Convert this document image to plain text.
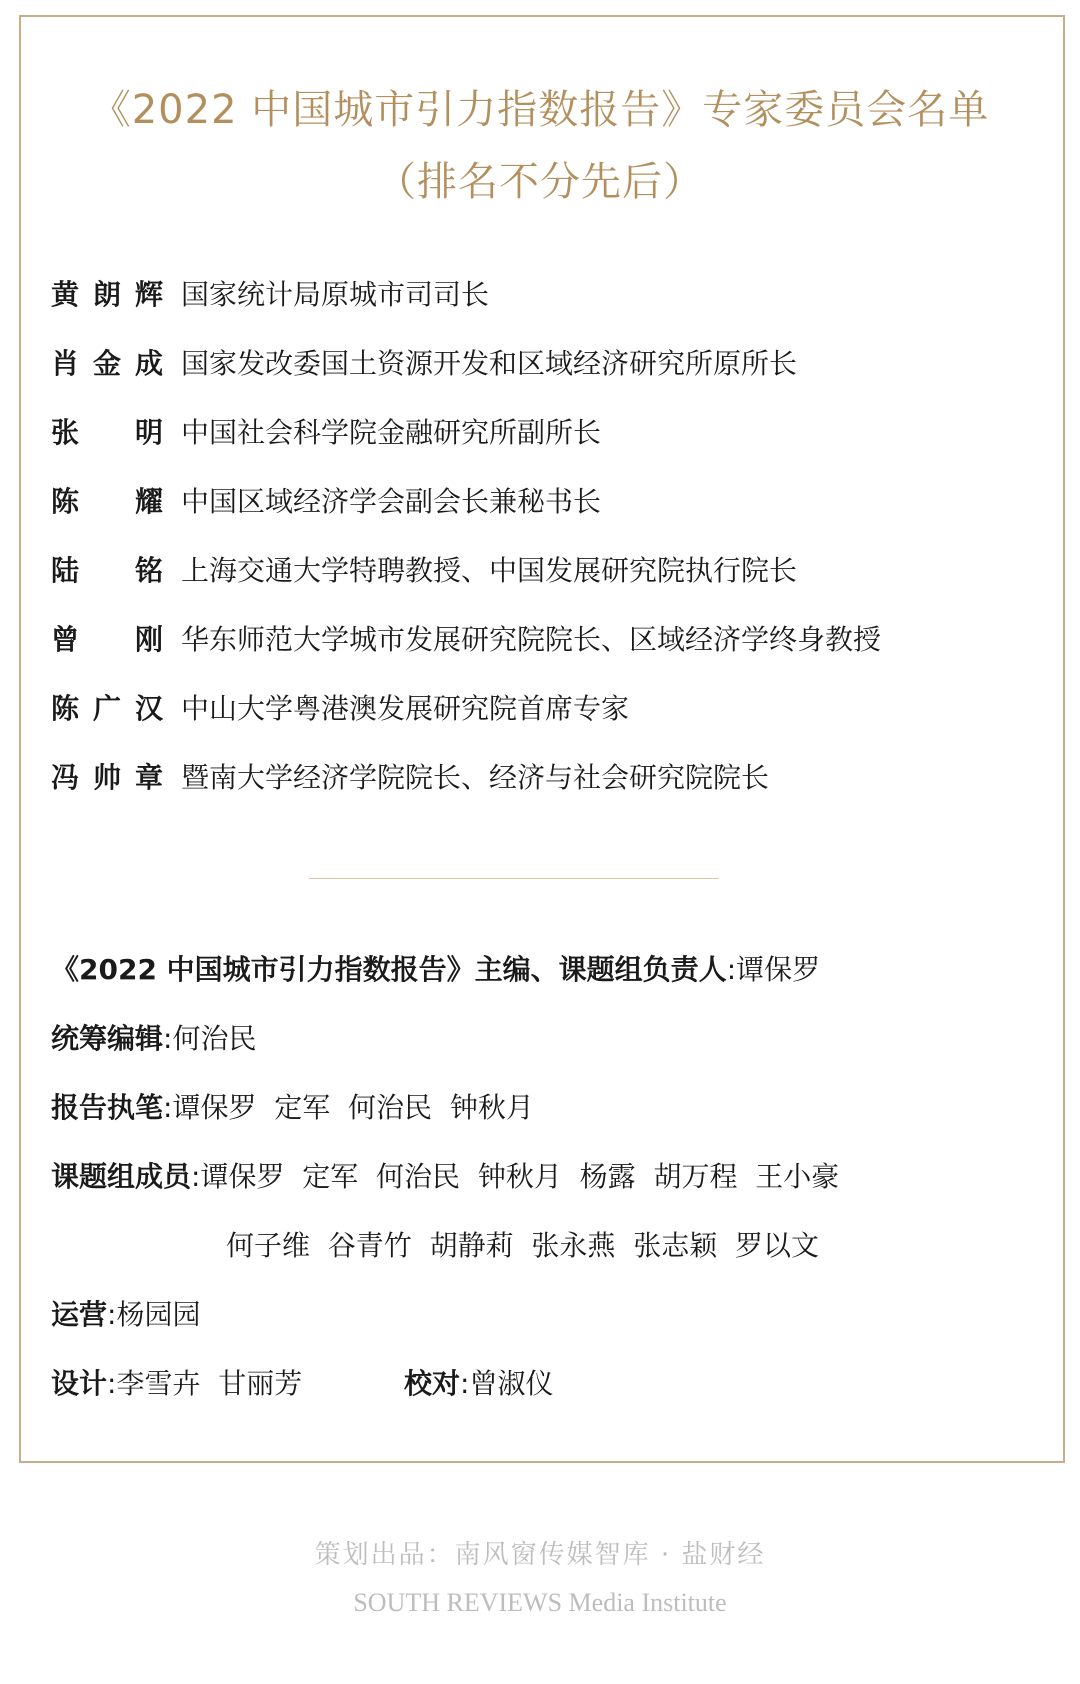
《2022 中国城市引力指数报告》专家委员会名单
（排名不分先后）
黄朗辉 国家统计局原城市司司长
肖金成 国家发改委国土资源开发和区域经济研究所原所长
张 明 中国社会科学院金融研究所副所长
陈 耀 中国区域经济学会副会长兼秘书长
陆 铭 上海交通大学特聘教授、中国发展研究院执行院长
曾 刚 华东师范大学城市发展研究院院长、区域经济学终身教授
陈广汉 中山大学粤港澳发展研究院首席专家
冯帅章 暨南大学经济学院院长、经济与社会研究院院长
《2022 中国城市引力指数报告》主编、课题组负责人:谭保罗
统筹编辑:何治民
报告执笔:谭保罗  定军  何治民  钟秋月
课题组成员:谭保罗  定军  何治民  钟秋月  杨露  胡万程  王小豪
何子维  谷青竹  胡静莉  张永燕  张志颖  罗以文
运营:杨园园
设计:李雪卉  甘丽芳	校对:曾淑仪
策划出品：南风窗传媒智库 · 盐财经
SOUTH REVIEWS Media Institute
